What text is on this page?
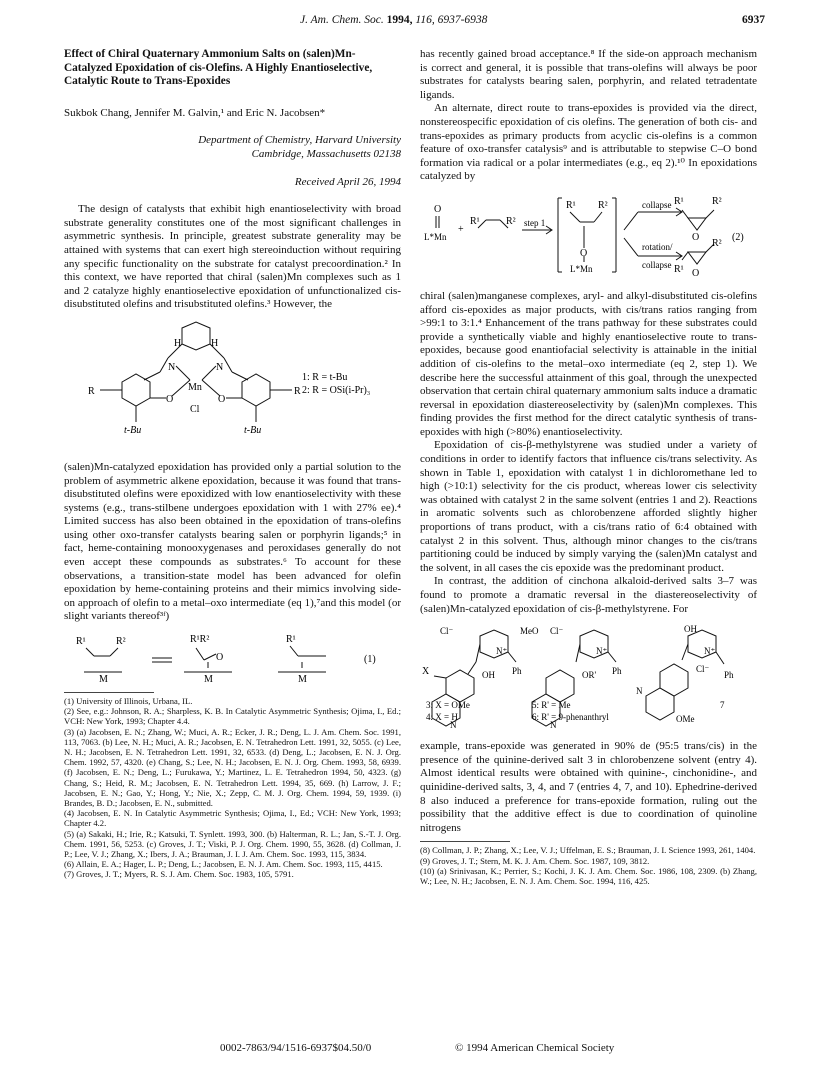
J. Am. Chem. Soc. 1994, 116, 6937-6938	6937
Effect of Chiral Quaternary Ammonium Salts on (salen)Mn-Catalyzed Epoxidation of cis-Olefins. A Highly Enantioselective, Catalytic Route to Trans-Epoxides
Sukbok Chang, Jennifer M. Galvin,¹ and Eric N. Jacobsen*
Department of Chemistry, Harvard University
Cambridge, Massachusetts 02138
Received April 26, 1994

The design of catalysts that exhibit high enantioselectivity with broad substrate generality constitutes one of the most significant challenges in asymmetric synthesis. In principle, greatest substrate generality may be attained with systems that can exert high stereoinduction without requiring any specific functionality on the substrate for catalyst precoordination.² In this context, we have reported that chiral (salen)Mn complexes such as 1 and 2 catalyze highly enantioselective epoxidation of unfunctionalized cis-disubstituted olefins and trisubstituted olefins.³ However, the

H	H
N	N
Mn
O	O
Cl
R	R
t-Bu	t-Bu
1: R = t-Bu
2: R = OSi(i-Pr)₃

(salen)Mn-catalyzed epoxidation has provided only a partial solution to the problem of asymmetric alkene epoxidation, because it was found that trans-disubstituted olefins were epoxidized with low enantioselectivity with these systems (e.g., trans-stilbene undergoes epoxidation with 1 with 27% ee).⁴ Limited success has also been obtained in the epoxidation of trans-olefins using other oxo-transfer catalysts bearing salen or porphyrin ligands;⁵ in fact, heme-containing monooxygenases and peroxidases generally do not even accept these compounds as substrates.⁶ To account for these observations, a transition-state model has been advanced for olefin epoxidation by heme-containing proteins and their mimics involving side-on approach of olefin to a metal–oxo intermediate (eq 1),⁷and this model (or slight variants thereof³ᶠ)

R¹	R²
M
R¹R²
O
M
R¹
M
(1)
(1) University of Illinois, Urbana, IL.
(2) See, e.g.: Johnson, R. A.; Sharpless, K. B. In Catalytic Asymmetric Synthesis; Ojima, I., Ed.; VCH: New York, 1993; Chapter 4.4.
(3) (a) Jacobsen, E. N.; Zhang, W.; Muci, A. R.; Ecker, J. R.; Deng, L. J. Am. Chem. Soc. 1991, 113, 7063. (b) Lee, N. H.; Muci, A. R.; Jacobsen, E. N. Tetrahedron Lett. 1991, 32, 5055. (c) Lee, N. H.; Jacobsen, E. N. Tetrahedron Lett. 1991, 32, 6533. (d) Deng, L.; Jacobsen, E. N. J. Org. Chem. 1992, 57, 4320. (e) Chang, S.; Lee, N. H.; Jacobsen, E. N. J. Org. Chem. 1993, 58, 6939. (f) Jacobsen, E. N.; Deng, L.; Furukawa, Y.; Martinez, L. E. Tetrahedron 1994, 50, 4323. (g) Chang, S.; Heid, R. M.; Jacobsen, E. N. Tetrahedron Lett. 1994, 35, 669. (h) Larrow, J. F.; Jacobsen, E. N.; Gao, Y.; Hong, Y.; Nie, X.; Zepp, C. M. J. Org. Chem. 1994, 59, 1939. (i) Brandes, B. D.; Jacobsen, E. N., submitted.
(4) Jacobsen, E. N. In Catalytic Asymmetric Synthesis; Ojima, I., Ed.; VCH: New York, 1993; Chapter 4.2.
(5) (a) Sakaki, H.; Irie, R.; Katsuki, T. Synlett. 1993, 300. (b) Halterman, R. L.; Jan, S.-T. J. Org. Chem. 1991, 56, 5253. (c) Groves, J. T.; Viski, P. J. Org. Chem. 1990, 55, 3628. (d) Collman, J. P.; Lee, V. J.; Zhang, X.; Ibers, J. A.; Brauman, J. I. J. Am. Chem. Soc. 1993, 115, 3834.
(6) Allain, E. A.; Hager, L. P.; Deng, L.; Jacobsen, E. N. J. Am. Chem. Soc. 1993, 115, 4415.
(7) Groves, J. T.; Myers, R. S. J. Am. Chem. Soc. 1983, 105, 5791.

has recently gained broad acceptance.⁸ If the side-on approach mechanism is correct and general, it is possible that trans-olefins will always be poor substrates for catalysts bearing salen, porphyrin, and related tetradentate ligands.

An alternate, direct route to trans-epoxides is provided via the direct, nonstereospecific epoxidation of cis olefins. The generation of both cis- and trans-epoxides as primary products from acyclic cis-olefins is a common feature of oxo-transfer catalysis⁹ and is attributable to stepwise C–O bond formation via radical or a polar intermediates (e.g., eq 2).¹⁰ In epoxidations catalyzed by

O
L*Mn
+
R¹	R² step 1
R¹ R²
O
L*Mn
collapse
rotation/
collapse
R¹	R²
O
R²
R¹ O
(2)

chiral (salen)manganese complexes, aryl- and alkyl-disubstituted cis-olefins afford cis-epoxides as major products, with cis/trans ratios ranging from >99:1 to 3:1.⁴ Enhancement of the trans pathway for these substrates could provide a synthetically viable and highly enantioselective route to trans-epoxides, because good enantiofacial selectivity is attainable in the initial addition of cis-olefins to the metal–oxo intermediate (eq 2, step 1). We describe here the successful attainment of this goal, through the unexpected observation that certain chiral quaternary ammonium salts induce a dramatic reversal in epoxidation diastereoselectivity by (salen)Mn complexes. This finding provides the first method for the direct catalytic synthesis of trans-epoxides with high (>80%) enantioselectivity.

Epoxidation of cis-β-methylstyrene was studied under a variety of conditions in order to identify factors that influence cis/trans selectivity. As shown in Table 1, epoxidation with catalyst 1 in dichloromethane led to high (>10:1) selectivity for the cis product, whereas lower cis selectivity was obtained with catalyst 2 in the same solvent (entries 1 and 2). Reactions in aromatic solvents such as chlorobenzene afforded slightly higher proportions of trans product, with a cis/trans ratio of 6:4 obtained with catalyst 2 in this solvent. Thus, although minor changes to the cis/trans partitioning could be induced by simply varying the (salen)Mn catalyst and the solvent, in all cases the cis epoxide was the predominant product.

In contrast, the addition of cinchona alkaloid-derived salts 3–7 was found to promote a dramatic reversal in the diastereoselectivity of (salen)Mn-catalyzed epoxidation of cis-β-methylstyrene. For

X
Cl⁻
N⁺
Ph
OH
N
3: X = OMe
4: X = H
MeO Cl⁻
N⁺
Ph
OR'
N
5: R' = Me
6: R' = 9-phenanthryl
OH
N⁺
Cl⁻
Ph
N
OMe
7

example, trans-epoxide was generated in 90% de (95:5 trans/cis) in the presence of the quinine-derived salt 3 in chlorobenzene solvent (entry 4). Almost identical results were obtained with quinine-, cinchonidine-, and quinidine-derived salts, 3, 4, and 7 (entries 4, 7, and 10). Ephedrine-derived 8 also induced a preference for trans-epoxide formation, ruling out the possibility that the additive effect is due to coordination of quinoline nitrogens

(8) Collman, J. P.; Zhang, X.; Lee, V. J.; Uffelman, E. S.; Brauman, J. I. Science 1993, 261, 1404.
(9) Groves, J. T.; Stern, M. K. J. Am. Chem. Soc. 1987, 109, 3812.
(10) (a) Srinivasan, K.; Perrier, S.; Kochi, J. K. J. Am. Chem. Soc. 1986, 108, 2309. (b) Zhang, W.; Lee, N. H.; Jacobsen, E. N. J. Am. Chem. Soc. 1994, 116, 425.
0002-7863/94/1516-6937$04.50/0	© 1994 American Chemical Society
